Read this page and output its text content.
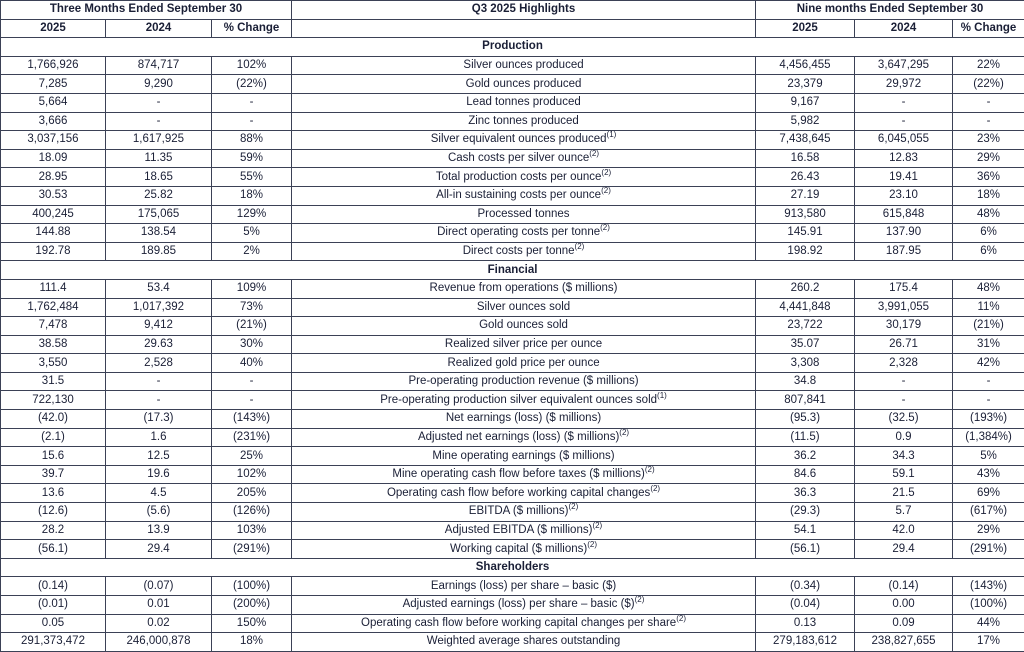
Three Months Ended September 30			Q3 2025 Highlights	Nine months Ended September 30		
2025	2024	% Change		2025	2024	% Change
Production						
1,766,926	874,717	102%	Silver ounces produced	4,456,455	3,647,295	22%
7,285	9,290	(22%)	Gold ounces produced	23,379	29,972	(22%)
5,664	-	-	Lead tonnes produced	9,167	-	-
3,666	-	-	Zinc tonnes produced	5,982	-	-
3,037,156	1,617,925	88%	Silver equivalent ounces produced$^{(1)}$	7,438,645	6,045,055	23%
18.09	11.35	59%	Cash costs per silver ounce$^{(2)}$	16.58	12.83	29%
28.95	18.65	55%	Total production costs per ounce$^{(2)}$	26.43	19.41	36%
30.53	25.82	18%	All-in sustaining costs per ounce$^{(2)}$	27.19	23.10	18%
400,245	175,065	129%	Processed tonnes	913,580	615,848	48%
144.88	138.54	5%	Direct operating costs per tonne$^{(2)}$	145.91	137.90	6%
192.78	189.85	2%	Direct costs per tonne$^{(2)}$	198.92	187.95	6%
Financial						
111.4	53.4	109%	Revenue from operations ($ millions)	260.2	175.4	48%
1,762,484	1,017,392	73%	Silver ounces sold	4,441,848	3,991,055	11%
7,478	9,412	(21%)	Gold ounces sold	23,722	30,179	(21%)
38.58	29.63	30%	Realized silver price per ounce	35.07	26.71	31%
3,550	2,528	40%	Realized gold price per ounce	3,308	2,328	42%
31.5	-	-	Pre-operating production revenue ($ millions)	34.8	-	-
722,130	-	-	Pre-operating production silver equivalent ounces sold$^{(1)}$	807,841	-	-
(42.0)	(17.3)	(143%)	Net earnings (loss) ($ millions)	(95.3)	(32.5)	(193%)
(2.1)	1.6	(231%)	Adjusted net earnings (loss) ($ millions)$^{(2)}$	(11.5)	0.9	(1,384%)
15.6	12.5	25%	Mine operating earnings ($ millions)	36.2	34.3	5%
39.7	19.6	102%	Mine operating cash flow before taxes ($ millions)$^{(2)}$	84.6	59.1	43%
13.6	4.5	205%	Operating cash flow before working capital changes$^{(2)}$	36.3	21.5	69%
(12.6)	(5.6)	(126%)	EBITDA ($ millions)$^{(2)}$	(29.3)	5.7	(617%)
28.2	13.9	103%	Adjusted EBITDA ($ millions)$^{(2)}$	54.1	42.0	29%
(56.1)	29.4	(291%)	Working capital ($ millions)$^{(2)}$	(56.1)	29.4	(291%)
Shareholders						
(0.14)	(0.07)	(100%)	Earnings (loss) per share – basic ($)	(0.34)	(0.14)	(143%)
(0.01)	0.01	(200%)	Adjusted earnings (loss) per share – basic ($)$^{(2)}$	(0.04)	0.00	(100%)
0.05	0.02	150%	Operating cash flow before working capital changes per share$^{(2)}$	0.13	0.09	44%
291,373,472	246,000,878	18%	Weighted average shares outstanding	279,183,612	238,827,655	17%
